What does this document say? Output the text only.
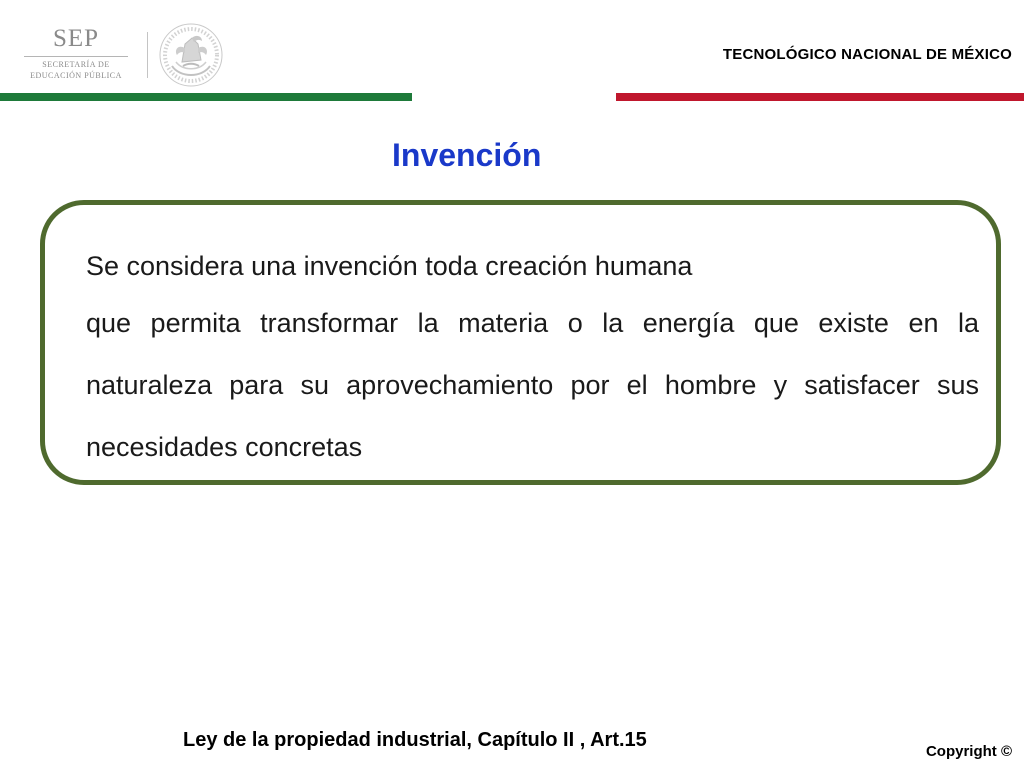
SEP
SECRETARÍA DE
EDUCACIÓN PÚBLICA
TECNOLÓGICO NACIONAL DE MÉXICO
Invención
Se considera una invención toda creación humana
que permita transformar la materia o la energía que existe en la naturaleza para su aprovechamiento por el hombre y satisfacer sus necesidades concretas
Ley de la propiedad industrial, Capítulo II , Art.15
Copyright ©
